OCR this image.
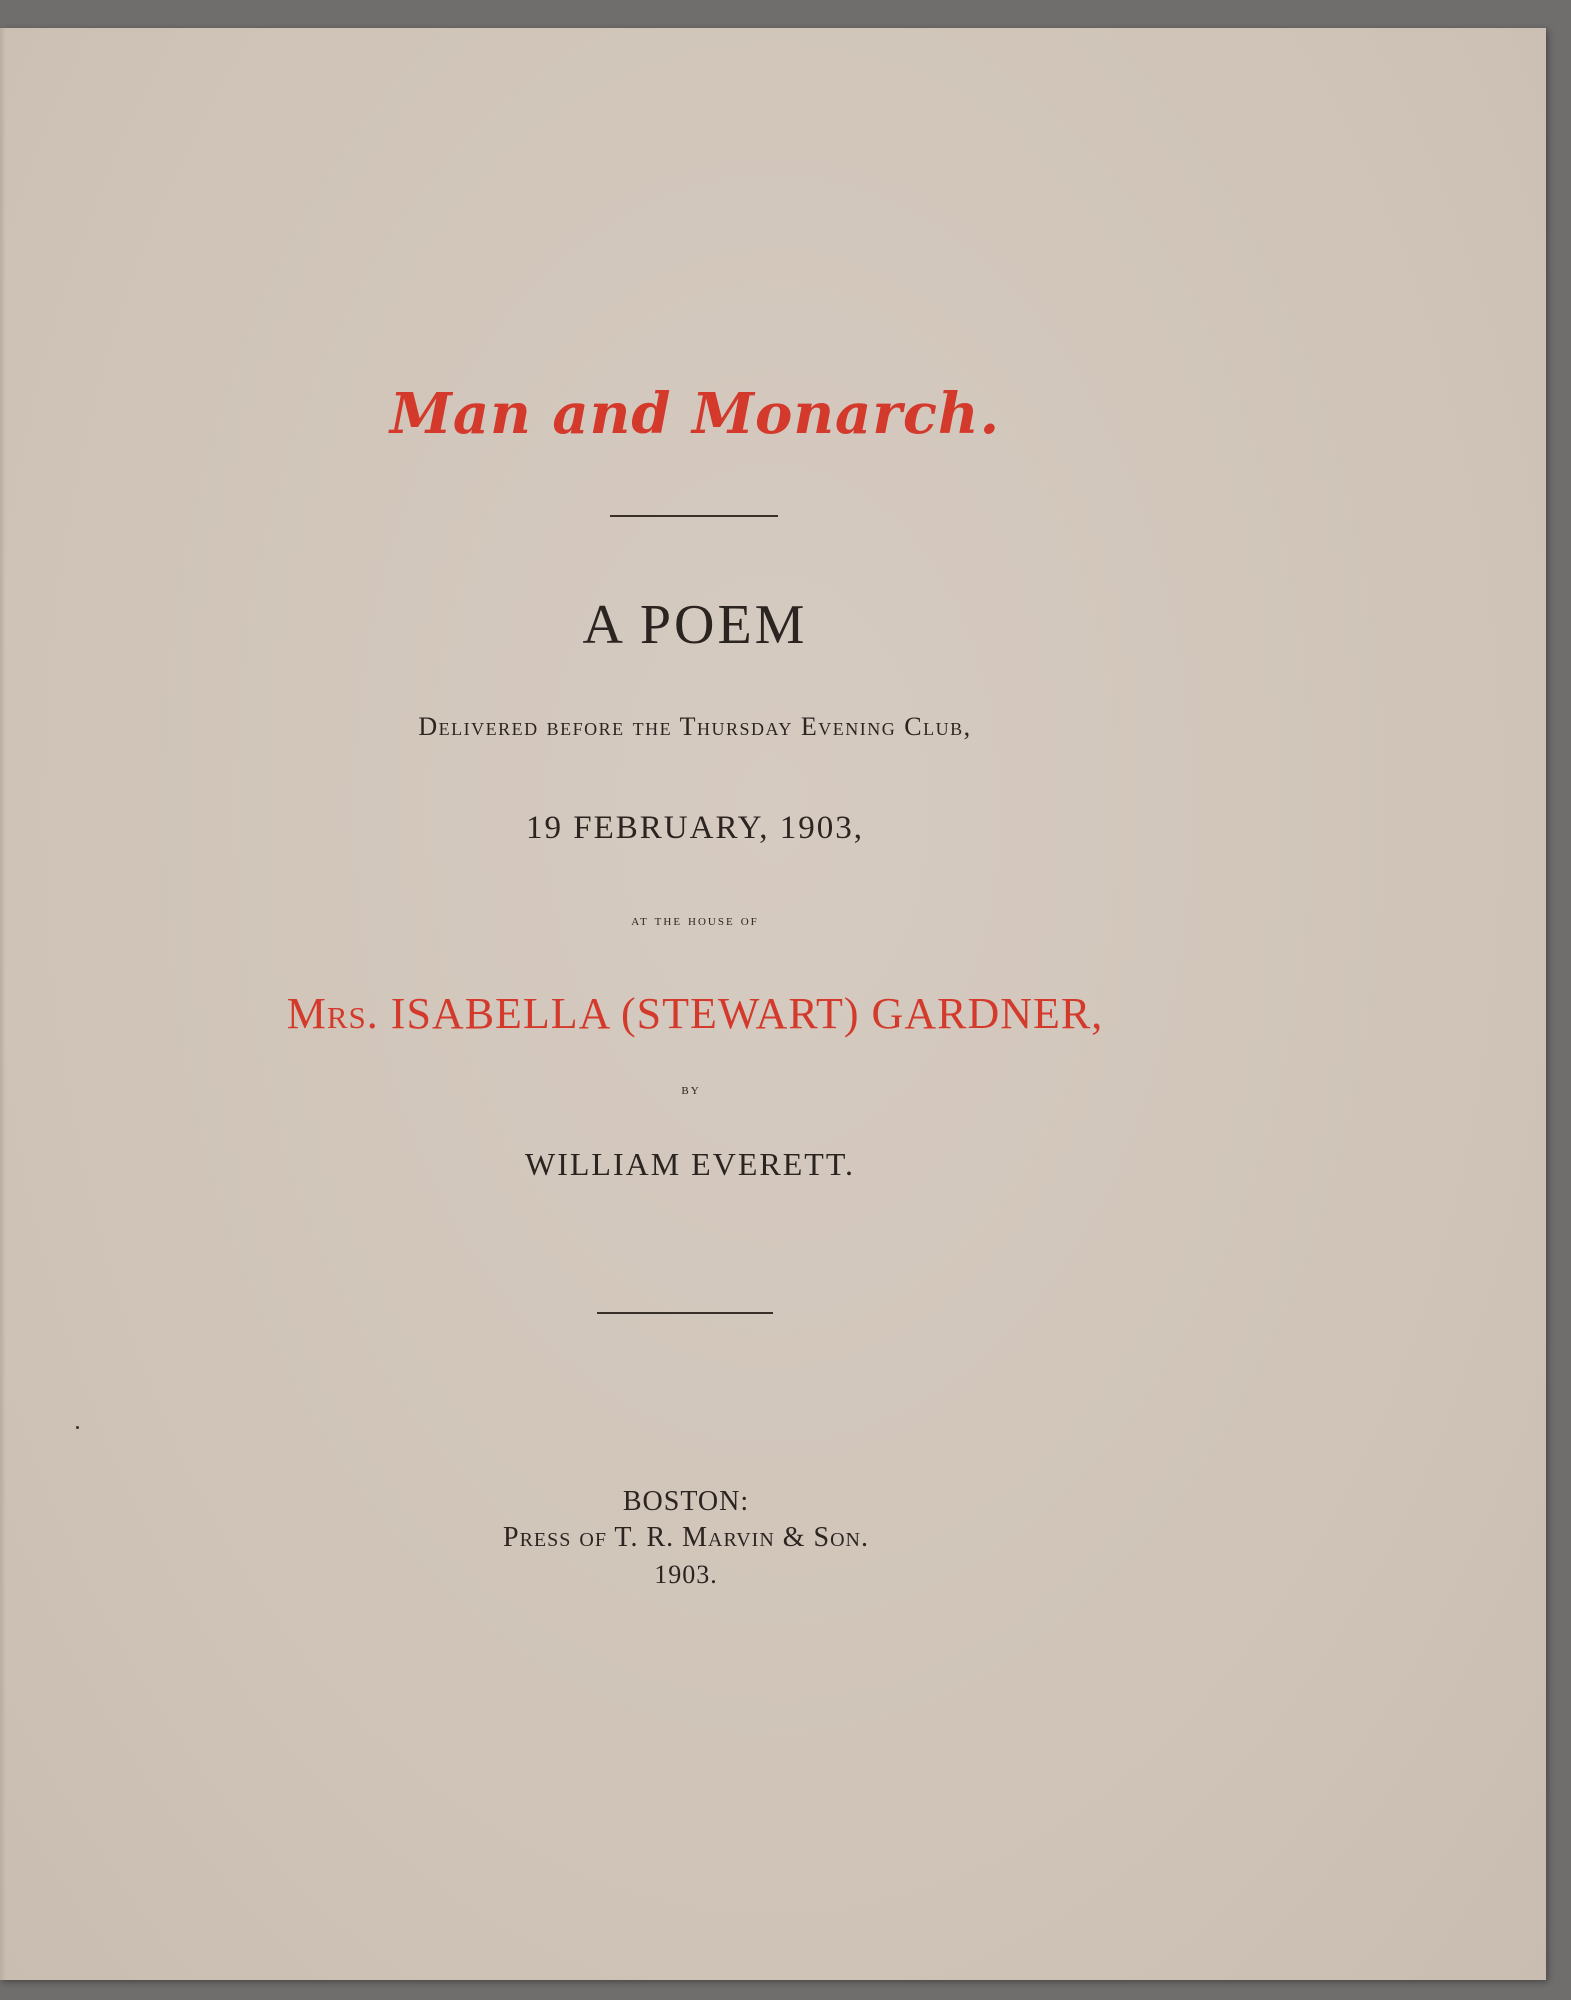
Man and Monarch.
A POEM
Delivered before the Thursday Evening Club,
19 FEBRUARY, 1903,
at the house of
Mrs. ISABELLA (STEWART) GARDNER,
by
WILLIAM EVERETT.
BOSTON:
Press of T. R. Marvin & Son.
1903.
